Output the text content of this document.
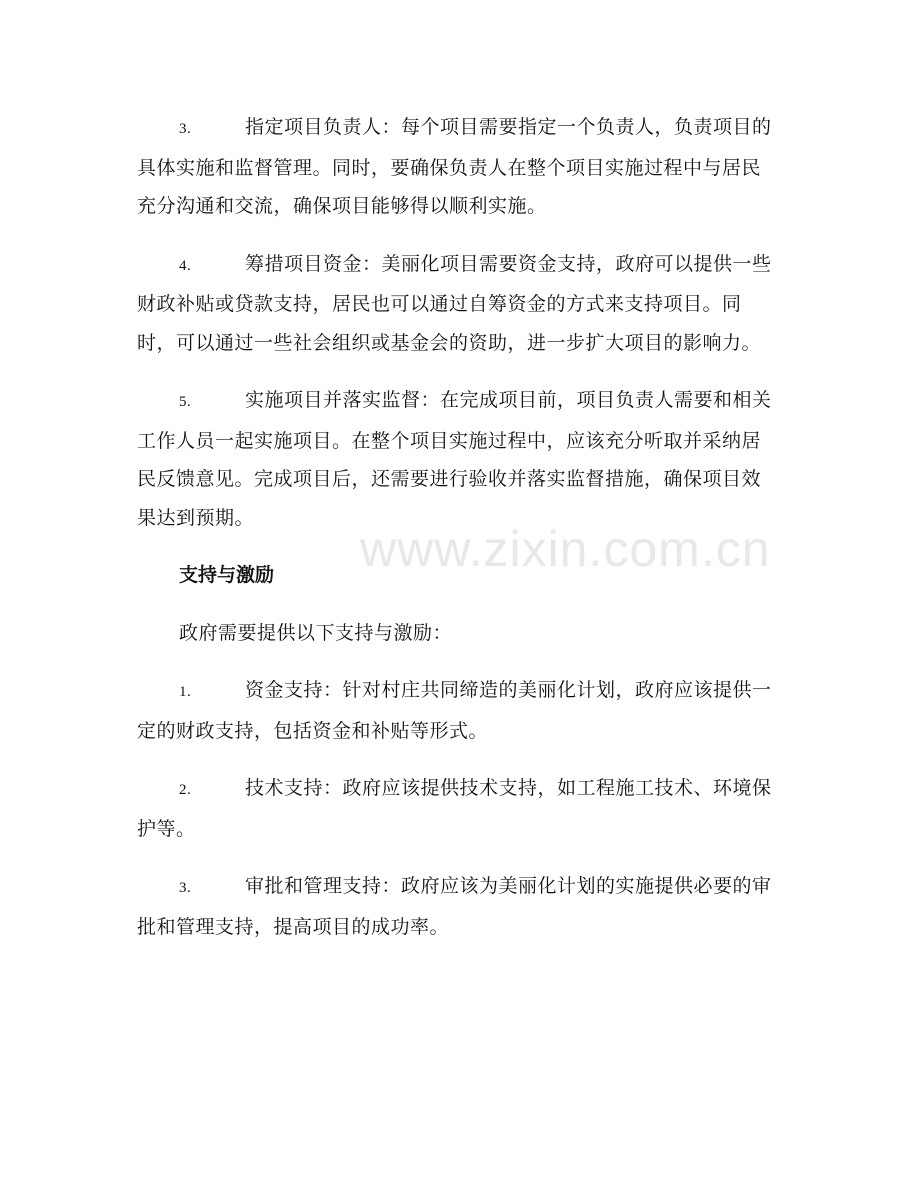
www.zixin.com.cn
3.	指定项目负责人：每个项目需要指定一个负责人，负责项目的具体实施和监督管理。同时，要确保负责人在整个项目实施过程中与居民充分沟通和交流，确保项目能够得以顺利实施。
4.	筹措项目资金：美丽化项目需要资金支持，政府可以提供一些财政补贴或贷款支持，居民也可以通过自筹资金的方式来支持项目。同时，可以通过一些社会组织或基金会的资助，进一步扩大项目的影响力。
5.	实施项目并落实监督：在完成项目前，项目负责人需要和相关工作人员一起实施项目。在整个项目实施过程中，应该充分听取并采纳居民反馈意见。完成项目后，还需要进行验收并落实监督措施，确保项目效果达到预期。
支持与激励
政府需要提供以下支持与激励：
1.	资金支持：针对村庄共同缔造的美丽化计划，政府应该提供一定的财政支持，包括资金和补贴等形式。
2.	技术支持：政府应该提供技术支持，如工程施工技术、环境保护等。
3.	审批和管理支持：政府应该为美丽化计划的实施提供必要的审批和管理支持，提高项目的成功率。
